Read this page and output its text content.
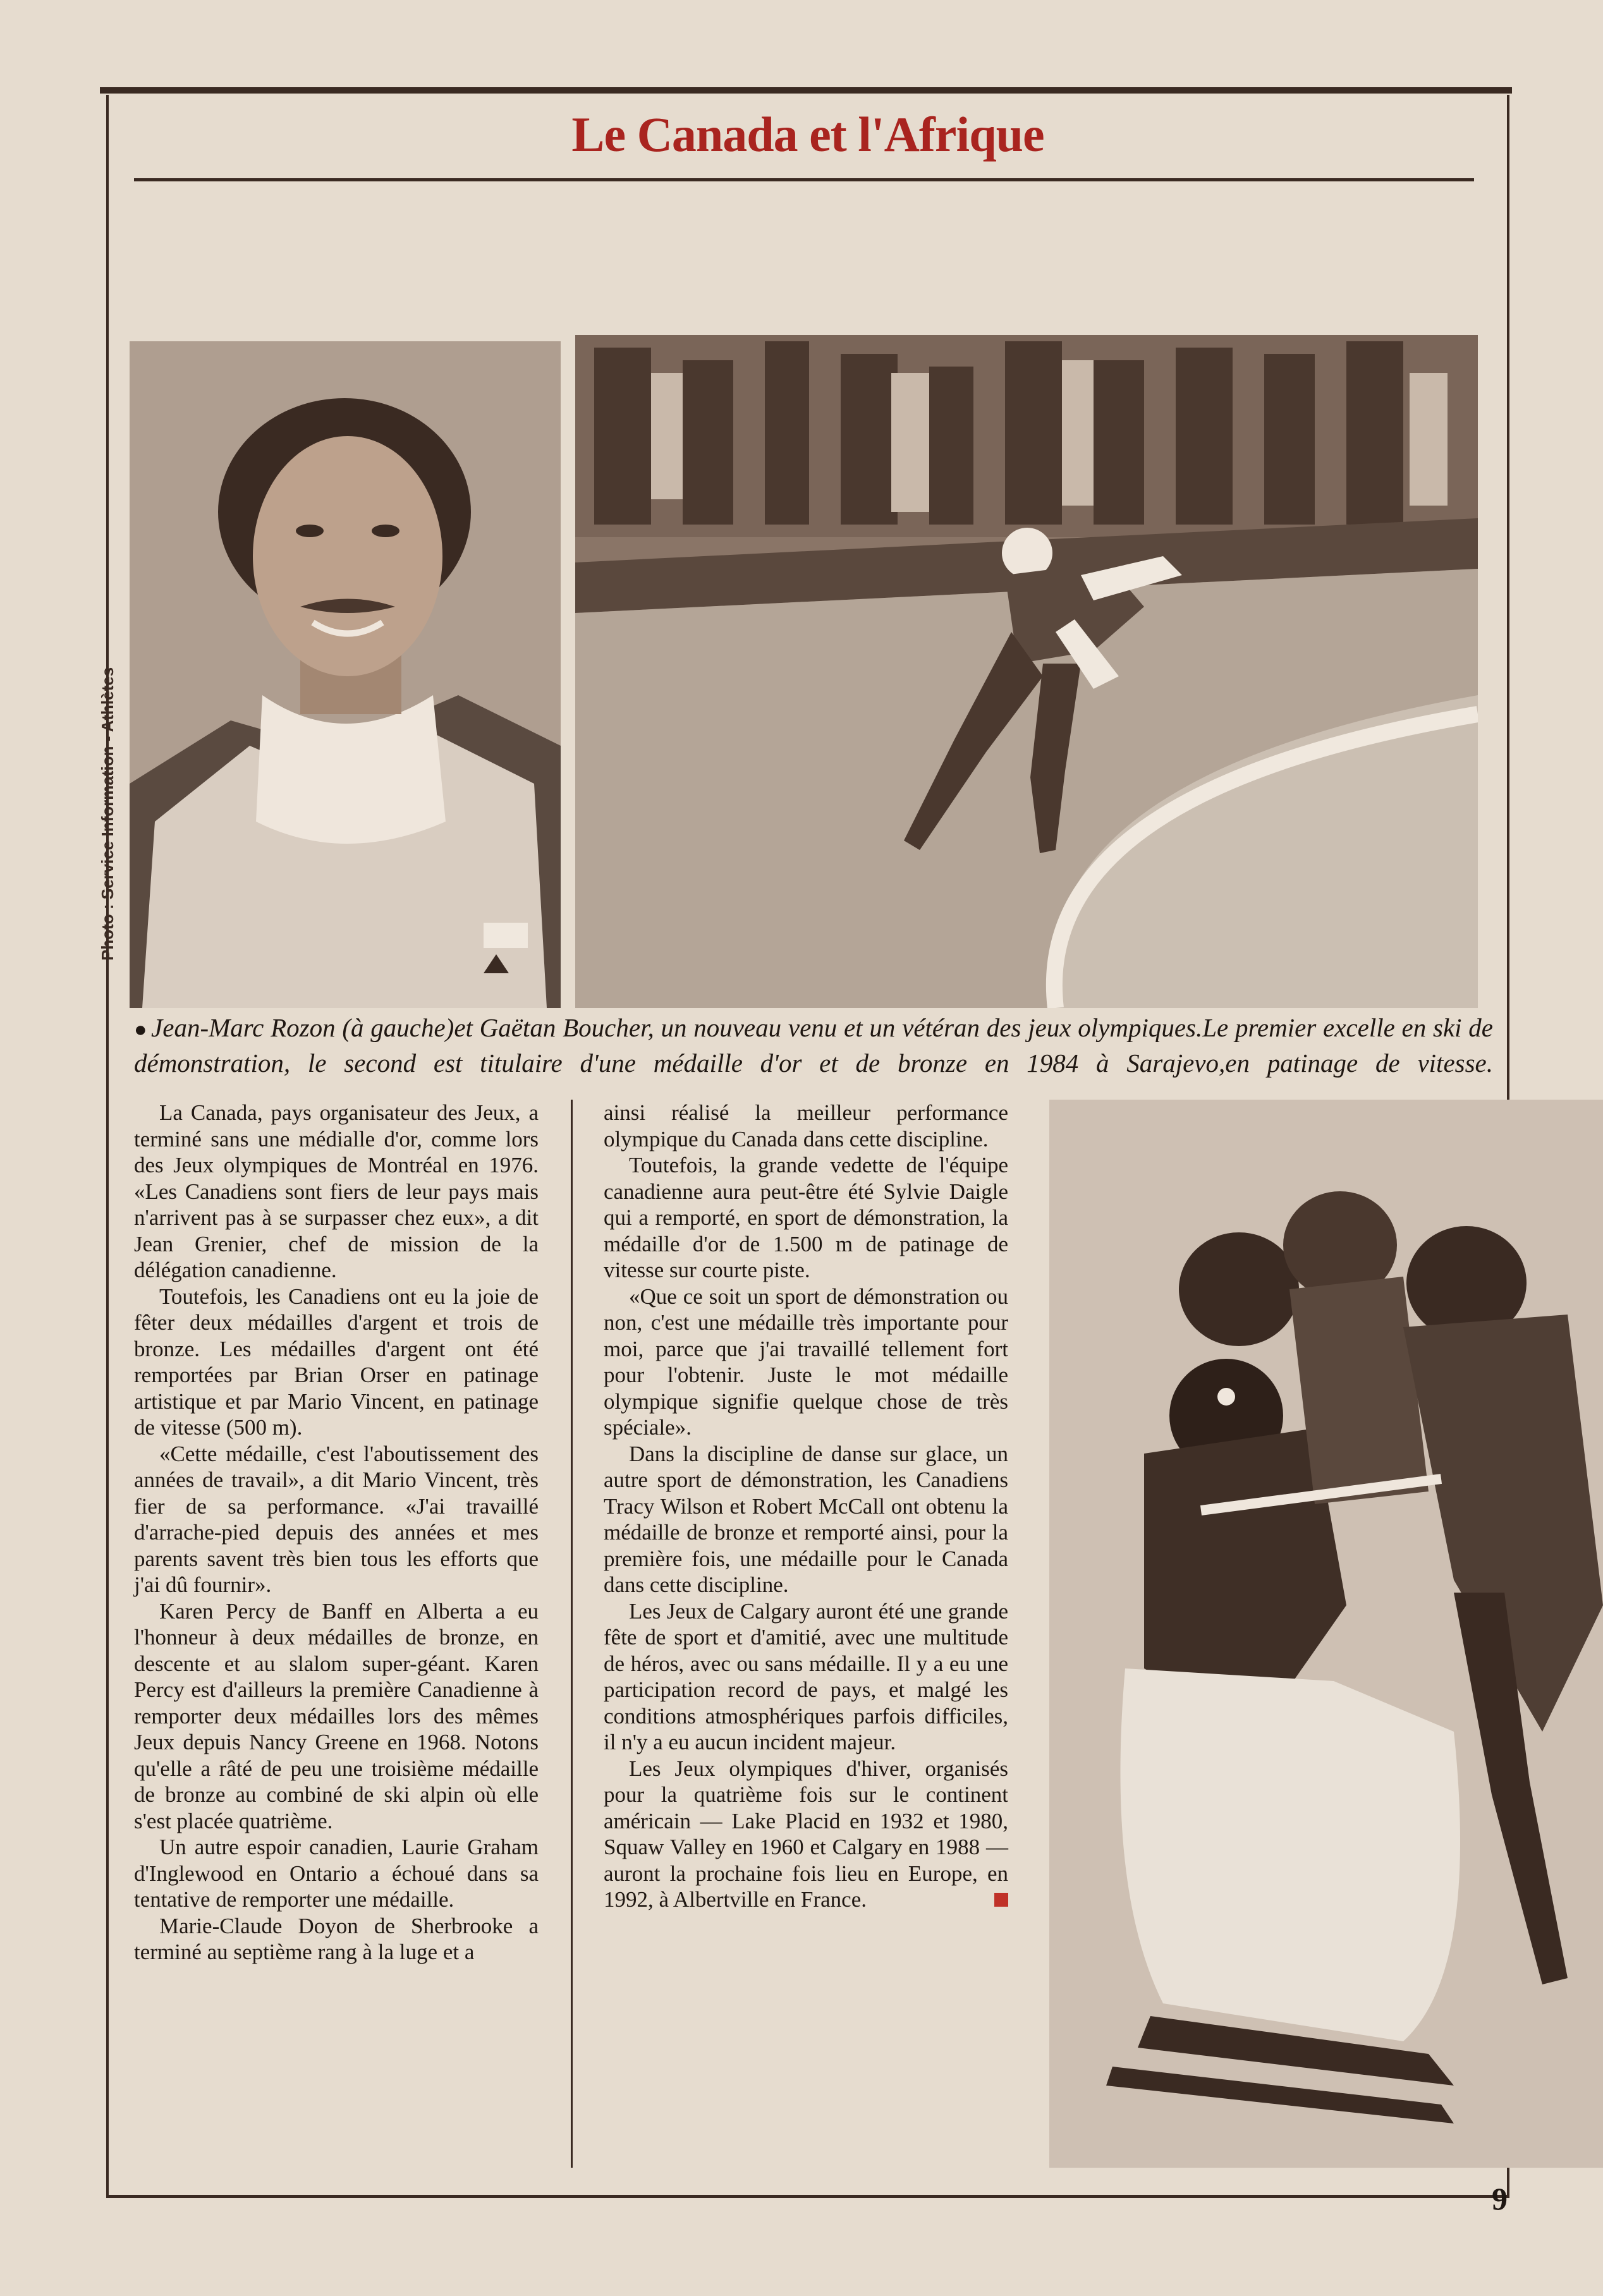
Le Canada et l'Afrique
Photo : Service Information - Athlètes
● Jean-Marc Rozon (à gauche)et Gaëtan Boucher, un nouveau venu et un vétéran des jeux olympiques.Le premier excelle en ski de démonstration, le second est titulaire d'une médaille d'or et de bronze en 1984 à Sarajevo,en patinage de vitesse.

La Canada, pays organisateur des Jeux, a terminé sans une médialle d'or, comme lors des Jeux olympiques de Montréal en 1976. «Les Canadiens sont fiers de leur pays mais n'arrivent pas à se surpasser chez eux», a dit Jean Grenier, chef de mission de la délégation canadienne.

Toutefois, les Canadiens ont eu la joie de fêter deux médailles d'argent et trois de bronze. Les médailles d'argent ont été remportées par Brian Orser en patinage artistique et par Mario Vincent, en patinage de vitesse (500 m).

«Cette médaille, c'est l'aboutissement des années de travail», a dit Mario Vincent, très fier de sa performance. «J'ai travaillé d'arrache-pied depuis des années et mes parents savent très bien tous les efforts que j'ai dû fournir».

Karen Percy de Banff en Alberta a eu l'honneur à deux médailles de bronze, en descente et au slalom super-géant. Karen Percy est d'ailleurs la première Canadienne à remporter deux médailles lors des mêmes Jeux depuis Nancy Greene en 1968. Notons qu'elle a râté de peu une troisième médaille de bronze au combiné de ski alpin où elle s'est placée quatrième.

Un autre espoir canadien, Laurie Graham d'Inglewood en Ontario a échoué dans sa tentative de remporter une médaille.

Marie-Claude Doyon de Sherbrooke a terminé au septième rang à la luge et a

ainsi réalisé la meilleur performance olympique du Canada dans cette discipline.

Toutefois, la grande vedette de l'équipe canadienne aura peut-être été Sylvie Daigle qui a remporté, en sport de démonstration, la médaille d'or de 1.500 m de patinage de vitesse sur courte piste.

«Que ce soit un sport de démonstration ou non, c'est une médaille très importante pour moi, parce que j'ai travaillé tellement fort pour l'obtenir. Juste le mot médaille olympique signifie quelque chose de très spéciale».

Dans la discipline de danse sur glace, un autre sport de démonstration, les Canadiens Tracy Wilson et Robert McCall ont obtenu la médaille de bronze et remporté ainsi, pour la première fois, une médaille pour le Canada dans cette discipline.

Les Jeux de Calgary auront été une grande fête de sport et d'amitié, avec une multitude de héros, avec ou sans médaille. Il y a eu une participation record de pays, et malgé les conditions atmosphériques parfois difficiles, il n'y a eu aucun incident majeur.

Les Jeux olympiques d'hiver, organisés pour la quatrième fois sur le continent américain — Lake Placid en 1932 et 1980, Squaw Valley en 1960 et Calgary en 1988 — auront la prochaine fois lieu en Europe, en 1992, à Albertville en France.

9
